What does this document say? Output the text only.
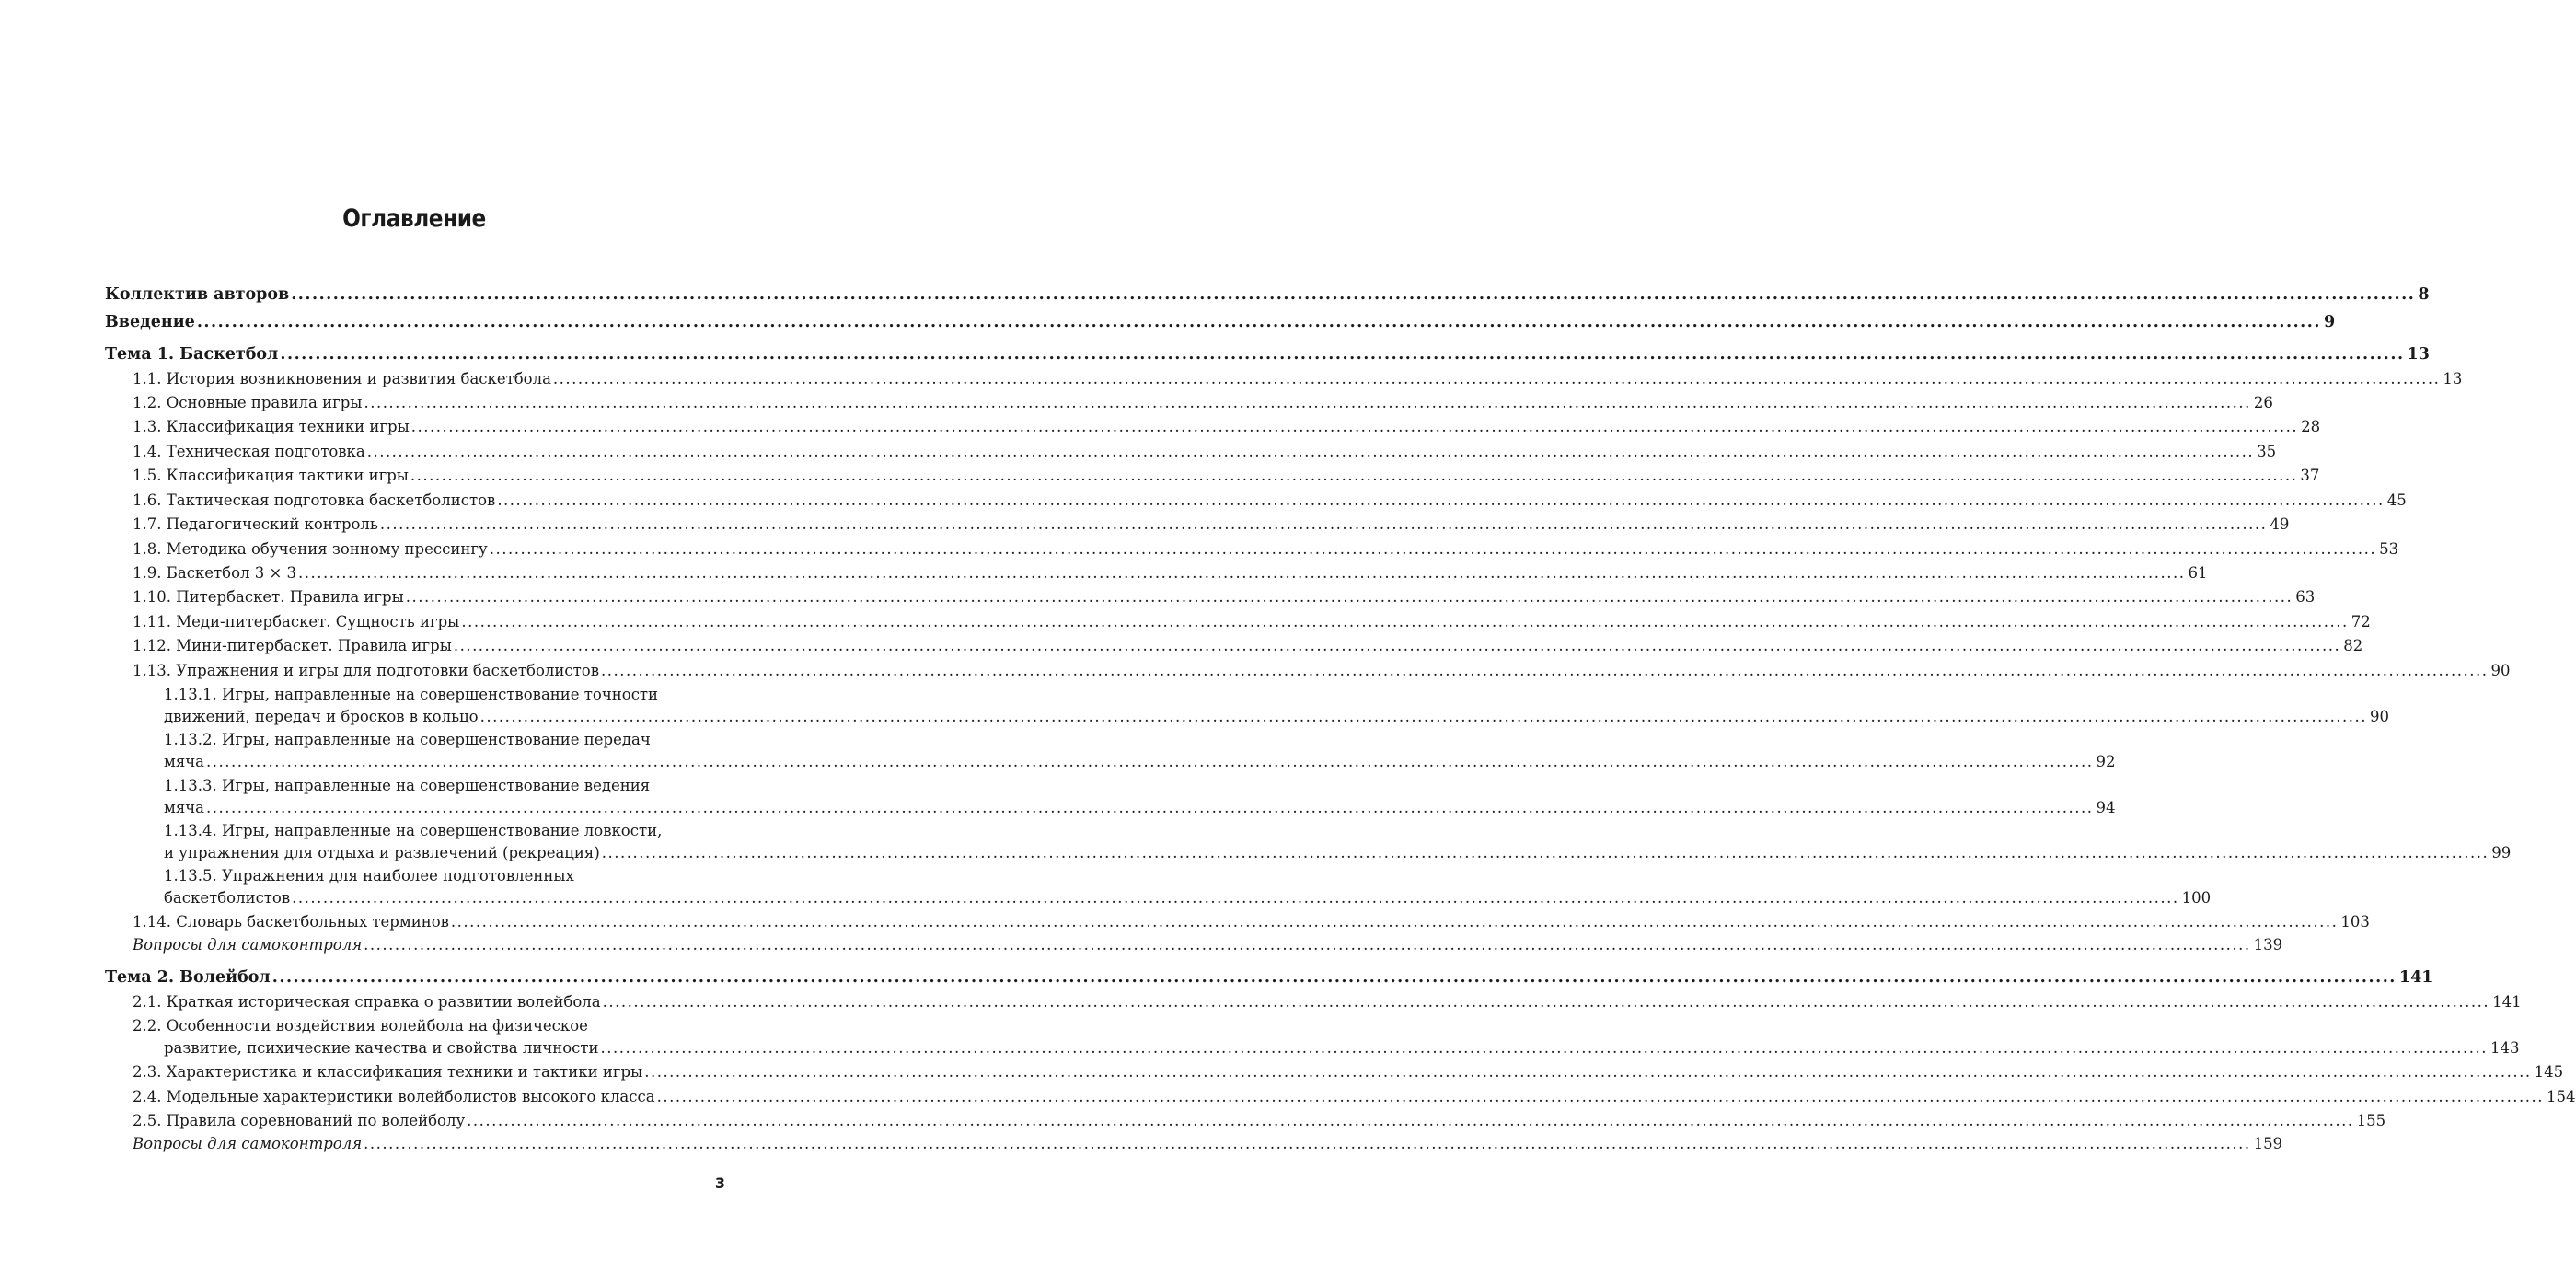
Оглавление
Коллектив авторов ................................................................................................................................................................................................................................................................................................................ 8
Введение ................................................................................................................................................................................................................................................................................................................ 9
Тема 1. Баскетбол ................................................................................................................................................................................................................................................................................................................ 13
1.1. История возникновения и развития баскетбола ................................................................................................................................................................................................................................................................................................................ 13
1.2. Основные правила игры ................................................................................................................................................................................................................................................................................................................ 26
1.3. Классификация техники игры ................................................................................................................................................................................................................................................................................................................ 28
1.4. Техническая подготовка ................................................................................................................................................................................................................................................................................................................ 35
1.5. Классификация тактики игры ................................................................................................................................................................................................................................................................................................................ 37
1.6. Тактическая подготовка баскетболистов ................................................................................................................................................................................................................................................................................................................ 45
1.7. Педагогический контроль ................................................................................................................................................................................................................................................................................................................ 49
1.8. Методика обучения зонному прессингу ................................................................................................................................................................................................................................................................................................................ 53
1.9. Баскетбол 3 × 3 ................................................................................................................................................................................................................................................................................................................ 61
1.10. Питербаскет. Правила игры ................................................................................................................................................................................................................................................................................................................ 63
1.11. Меди-питербаскет. Сущность игры ................................................................................................................................................................................................................................................................................................................ 72
1.12. Мини-питербаскет. Правила игры ................................................................................................................................................................................................................................................................................................................ 82
1.13. Упражнения и игры для подготовки баскетболистов ................................................................................................................................................................................................................................................................................................................ 90
1.13.1. Игры, направленные на совершенствование точности
движений, передач и бросков в кольцо ................................................................................................................................................................................................................................................................................................................ 90
1.13.2. Игры, направленные на совершенствование передач
мяча ................................................................................................................................................................................................................................................................................................................ 92
1.13.3. Игры, направленные на совершенствование ведения
мяча ................................................................................................................................................................................................................................................................................................................ 94
1.13.4. Игры, направленные на совершенствование ловкости,
и упражнения для отдыха и развлечений (рекреация) ................................................................................................................................................................................................................................................................................................................ 99
1.13.5. Упражнения для наиболее подготовленных
баскетболистов ................................................................................................................................................................................................................................................................................................................ 100
1.14. Словарь баскетбольных терминов ................................................................................................................................................................................................................................................................................................................ 103
Вопросы для самоконтроля ................................................................................................................................................................................................................................................................................................................ 139
Тема 2. Волейбол ................................................................................................................................................................................................................................................................................................................ 141
2.1. Краткая историческая справка о развитии волейбола ................................................................................................................................................................................................................................................................................................................ 141
2.2. Особенности воздействия волейбола на физическое
развитие, психические качества и свойства личности ................................................................................................................................................................................................................................................................................................................ 143
2.3. Характеристика и классификация техники и тактики игры ................................................................................................................................................................................................................................................................................................................ 145
2.4. Модельные характеристики волейболистов высокого класса ................................................................................................................................................................................................................................................................................................................ 154
2.5. Правила соревнований по волейболу ................................................................................................................................................................................................................................................................................................................ 155
Вопросы для самоконтроля ................................................................................................................................................................................................................................................................................................................ 159
3
